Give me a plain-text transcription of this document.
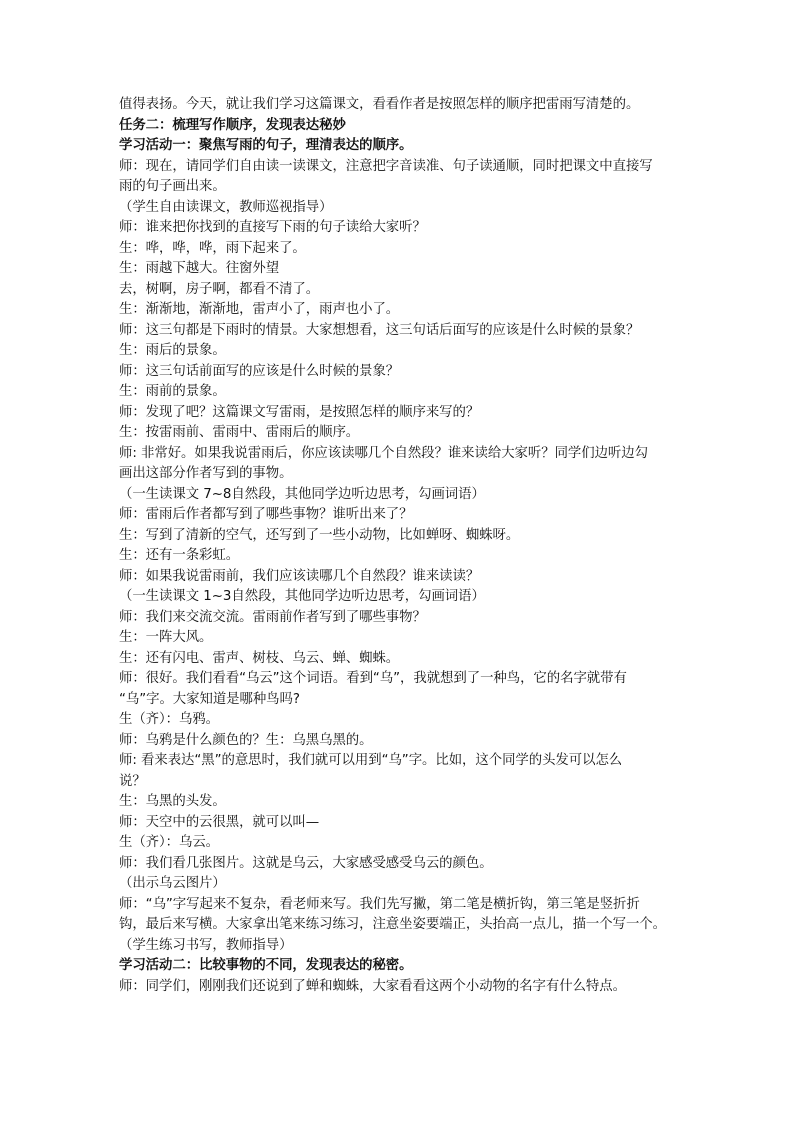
值得表扬。今天，就让我们学习这篇课文，看看作者是按照怎样的顺序把雷雨写清楚的。
任务二：梳理写作顺序，发现表达秘妙
学习活动一：聚焦写雨的句子，理清表达的顺序。
师：现在，请同学们自由读一读课文，注意把字音读准、句子读通顺，同时把课文中直接写
雨的句子画出来。
（学生自由读课文，教师巡视指导）
师：谁来把你找到的直接写下雨的句子读给大家听？
生：哗，哗，哗，雨下起来了。
生：雨越下越大。往窗外望
去，树啊，房子啊，都看不清了。
生：渐渐地，渐渐地，雷声小了，雨声也小了。
师：这三句都是下雨时的情景。大家想想看，这三句话后面写的应该是什么时候的景象？
生：雨后的景象。
师：这三句话前面写的应该是什么时候的景象？
生：雨前的景象。
师：发现了吧？这篇课文写雷雨，是按照怎样的顺序来写的？
生：按雷雨前、雷雨中、雷雨后的顺序。
师: 非常好。如果我说雷雨后，你应该读哪几个自然段？谁来读给大家听？同学们边听边勾
画出这部分作者写到的事物。
（一生读课文 7~8自然段，其他同学边听边思考，勾画词语）
师：雷雨后作者都写到了哪些事物？谁听出来了？
生：写到了清新的空气，还写到了一些小动物，比如蝉呀、蜘蛛呀。
生：还有一条彩虹。
师：如果我说雷雨前，我们应该读哪几个自然段？谁来读读？
（一生读课文 1~3自然段，其他同学边听边思考，勾画词语）
师：我们来交流交流。雷雨前作者写到了哪些事物？
生：一阵大风。
生：还有闪电、雷声、树枝、乌云、蝉、蜘蛛。
师：很好。我们看看“乌云”这个词语。看到“乌”，我就想到了一种鸟，它的名字就带有
“乌”字。大家知道是哪种鸟吗?
生（齐）：乌鸦。
师：乌鸦是什么颜色的？生：乌黑乌黑的。
师: 看来表达“黑”的意思时，我们就可以用到“乌”字。比如，这个同学的头发可以怎么
说？
生：乌黑的头发。
师：天空中的云很黑，就可以叫—
生（齐）：乌云。
师：我们看几张图片。这就是乌云，大家感受感受乌云的颜色。
（出示乌云图片）
师：“乌”字写起来不复杂，看老师来写。我们先写撇，第二笔是横折钩，第三笔是竖折折
钩，最后来写横。大家拿出笔来练习练习，注意坐姿要端正，头抬高一点儿，描一个写一个。
（学生练习书写，教师指导）
学习活动二：比较事物的不同，发现表达的秘密。
师：同学们，刚刚我们还说到了蝉和蜘蛛，大家看看这两个小动物的名字有什么特点。
